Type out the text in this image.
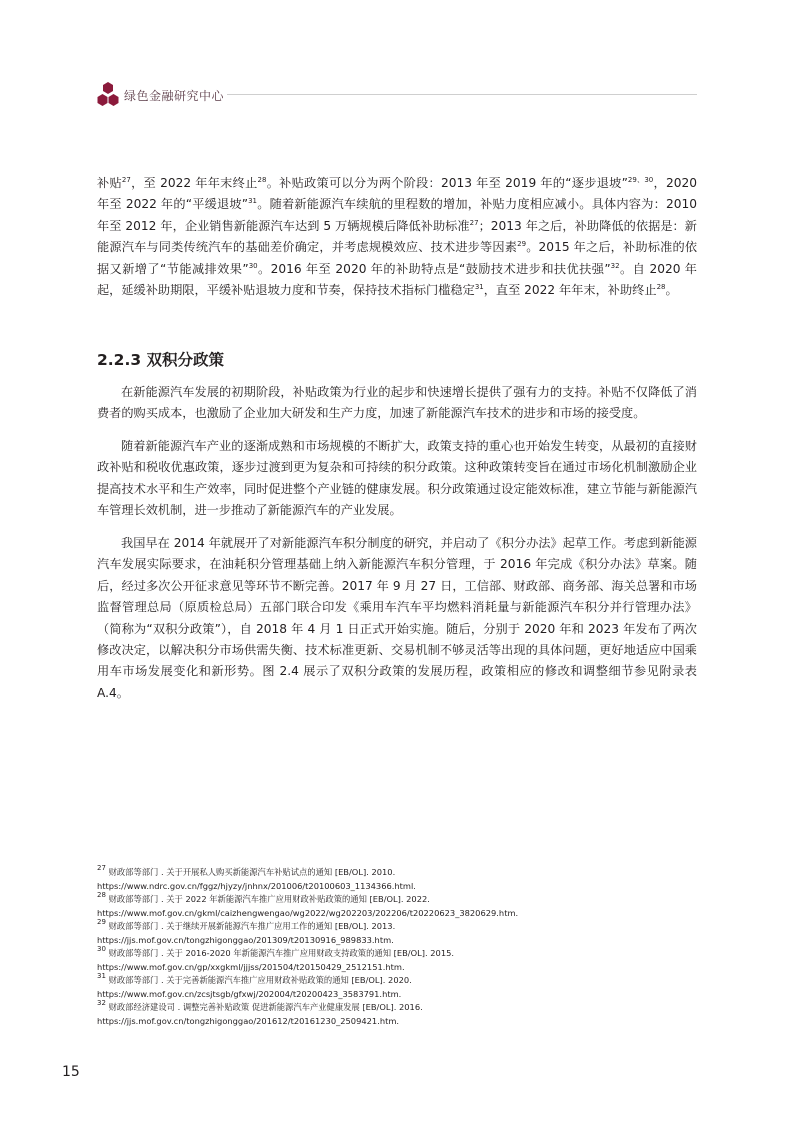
绿色金融研究中心

补贴$^{27}$，至 2022 年年末终止$^{28}$。补贴政策可以分为两个阶段：2013 年至 2019 年的“逐步退坡”$^{29、30}$，2020 年至 2022 年的“平缓退坡”$^{31}$。随着新能源汽车续航的里程数的增加，补贴力度相应减小。具体内容为：2010 年至 2012 年，企业销售新能源汽车达到 5 万辆规模后降低补助标准$^{27}$；2013 年之后，补助降低的依据是：新能源汽车与同类传统汽车的基础差价确定，并考虑规模效应、技术进步等因素$^{29}$。2015 年之后，补助标准的依据又新增了“节能减排效果”$^{30}$。2016 年至 2020 年的补助特点是“鼓励技术进步和扶优扶强”$^{32}$。自 2020 年起，延缓补助期限，平缓补贴退坡力度和节奏，保持技术指标门槛稳定$^{31}$，直至 2022 年年末，补助终止$^{28}$。

2.2.3 双积分政策

在新能源汽车发展的初期阶段，补贴政策为行业的起步和快速增长提供了强有力的支持。补贴不仅降低了消费者的购买成本，也激励了企业加大研发和生产力度，加速了新能源汽车技术的进步和市场的接受度。

随着新能源汽车产业的逐渐成熟和市场规模的不断扩大，政策支持的重心也开始发生转变，从最初的直接财政补贴和税收优惠政策，逐步过渡到更为复杂和可持续的积分政策。这种政策转变旨在通过市场化机制激励企业提高技术水平和生产效率，同时促进整个产业链的健康发展。积分政策通过设定能效标准，建立节能与新能源汽车管理长效机制，进一步推动了新能源汽车的产业发展。

我国早在 2014 年就展开了对新能源汽车积分制度的研究，并启动了《积分办法》起草工作。考虑到新能源汽车发展实际要求，在油耗积分管理基础上纳入新能源汽车积分管理，于 2016 年完成《积分办法》草案。随后，经过多次公开征求意见等环节不断完善。2017 年 9 月 27 日，工信部、财政部、商务部、海关总署和市场监督管理总局（原质检总局）五部门联合印发《乘用车汽车平均燃料消耗量与新能源汽车积分并行管理办法》（简称为“双积分政策”），自 2018 年 4 月 1 日正式开始实施。随后，分别于 2020 年和 2023 年发布了两次修改决定，以解决积分市场供需失衡、技术标准更新、交易机制不够灵活等出现的具体问题，更好地适应中国乘用车市场发展变化和新形势。图 2.4 展示了双积分政策的发展历程，政策相应的修改和调整细节参见附录表 A.4。

$^{27}$ 财政部等部门 . 关于开展私人购买新能源汽车补贴试点的通知 [EB/OL]. 2010.
https://www.ndrc.gov.cn/fggz/hjyzy/jnhnx/201006/t20100603_1134366.html.
$^{28}$ 财政部等部门 . 关于 2022 年新能源汽车推广应用财政补贴政策的通知 [EB/OL]. 2022.
https://www.mof.gov.cn/gkml/caizhengwengao/wg2022/wg202203/202206/t20220623_3820629.htm.
$^{29}$ 财政部等部门 . 关于继续开展新能源汽车推广应用工作的通知 [EB/OL]. 2013.
https://jjs.mof.gov.cn/tongzhigonggao/201309/t20130916_989833.htm.
$^{30}$ 财政部等部门 . 关于 2016-2020 年新能源汽车推广应用财政支持政策的通知 [EB/OL]. 2015.
https://www.mof.gov.cn/gp/xxgkml/jjjss/201504/t20150429_2512151.htm.
$^{31}$ 财政部等部门 . 关于完善新能源汽车推广应用财政补贴政策的通知 [EB/OL]. 2020.
https://www.mof.gov.cn/zcsjtsgb/gfxwj/202004/t20200423_3583791.htm.
$^{32}$ 财政部经济建设司 . 调整完善补贴政策 促进新能源汽车产业健康发展 [EB/OL]. 2016.
https://jjs.mof.gov.cn/tongzhigonggao/201612/t20161230_2509421.htm.
15
